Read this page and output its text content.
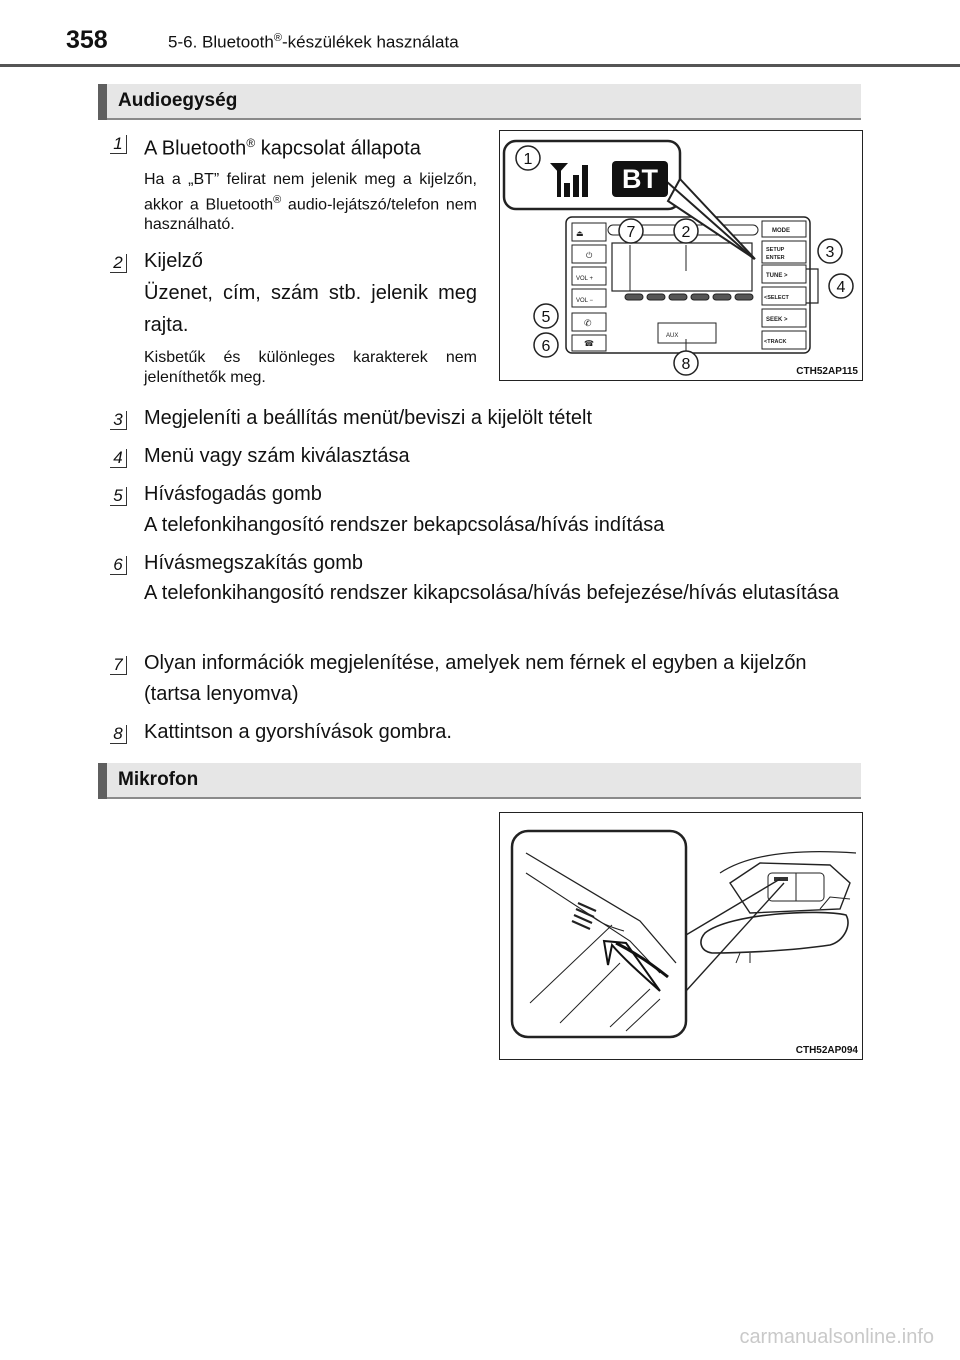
358	5-6. Bluetooth®-készülékek használata
Audioegység
1 A Bluetooth® kapcsolat állapota
Ha a „BT” felirat nem jelenik meg a kijelzőn, akkor a Bluetooth® audio-lejátszó/telefon nem használható.
2 Kijelző
Üzenet, cím, szám stb. jelenik meg rajta.
Kisbetűk és különleges karakterek nem jeleníthetők meg.
⏏
⏻
VOL +
VOL −
✆
☎
MODE
SETUP
ENTER
TUNE >
<SELECT
SEEK >
<TRACK
AUX
BT
1
7	2
3
4
5
6
8	CTH52AP115
3 Megjeleníti a beállítás menüt/beviszi a kijelölt tételt
4 Menü vagy szám kiválasztása
5 Hívásfogadás gomb
A telefonkihangosító rendszer bekapcsolása/hívás indítása
6 Hívásmegszakítás gomb
A telefonkihangosító rendszer kikapcsolása/hívás befejezése/hívás elutasítása
7 Olyan információk megjelenítése, amelyek nem férnek el egyben a kijelzőn (tartsa lenyomva)
8 Kattintson a gyorshívások gombra.
Mikrofon
CTH52AP094
carmanualsonline.info
